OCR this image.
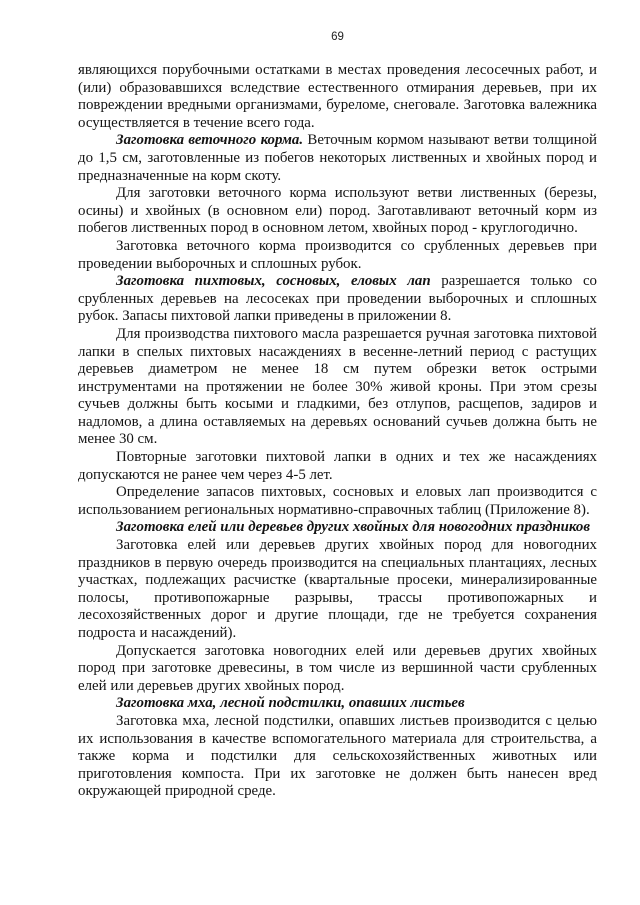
69

являющихся порубочными остатками в местах проведения лесосечных работ, и (или) образовавшихся вследствие естественного отмирания деревьев, при их повреждении вредными организмами, буреломе, снеговале. Заготовка валежника осуществляется в течение всего года.

Заготовка веточного корма. Веточным кормом называют ветви толщиной до 1,5 см, заготовленные из побегов некоторых лиственных и хвойных пород и предназначенные на корм скоту.

Для заготовки веточного корма используют ветви лиственных (березы, осины) и хвойных (в основном ели) пород. Заготавливают веточный корм из побегов лиственных пород в основном летом, хвойных пород - круглогодично.

Заготовка веточного корма производится со срубленных деревьев при проведении выборочных и сплошных рубок.

Заготовка пихтовых, сосновых, еловых лап разрешается только со срубленных деревьев на лесосеках при проведении выборочных и сплошных рубок. Запасы пихтовой лапки приведены в приложении 8.

Для производства пихтового масла разрешается ручная заготовка пихтовой лапки в спелых пихтовых насаждениях в весенне-летний период с растущих деревьев диаметром не менее 18 см путем обрезки веток острыми инструментами на протяжении не более 30% живой кроны. При этом срезы сучьев должны быть косыми и гладкими, без отлупов, расщепов, задиров и надломов, а длина оставляемых на деревьях оснований сучьев должна быть не менее 30 см.

Повторные заготовки пихтовой лапки в одних и тех же насаждениях допускаются не ранее чем через 4-5 лет.

Определение запасов пихтовых, сосновых и еловых лап производится с использованием региональных нормативно-справочных таблиц (Приложение 8).

Заготовка елей или деревьев других хвойных для новогодних праздников

Заготовка елей или деревьев других хвойных пород для новогодних праздников в первую очередь производится на специальных плантациях, лесных участках, подлежащих расчистке (квартальные просеки, минерализированные полосы, противопожарные разрывы, трассы противопожарных и лесохозяйственных дорог и другие площади, где не требуется сохранения подроста и насаждений).

Допускается заготовка новогодних елей или деревьев других хвойных пород при заготовке древесины, в том числе из вершинной части срубленных елей или деревьев других хвойных пород.

Заготовка мха, лесной подстилки, опавших листьев

Заготовка мха, лесной подстилки, опавших листьев производится с целью их использования в качестве вспомогательного материала для строительства, а также корма и подстилки для сельскохозяйственных животных или приготовления компоста. При их заготовке не должен быть нанесен вред окружающей природной среде.
